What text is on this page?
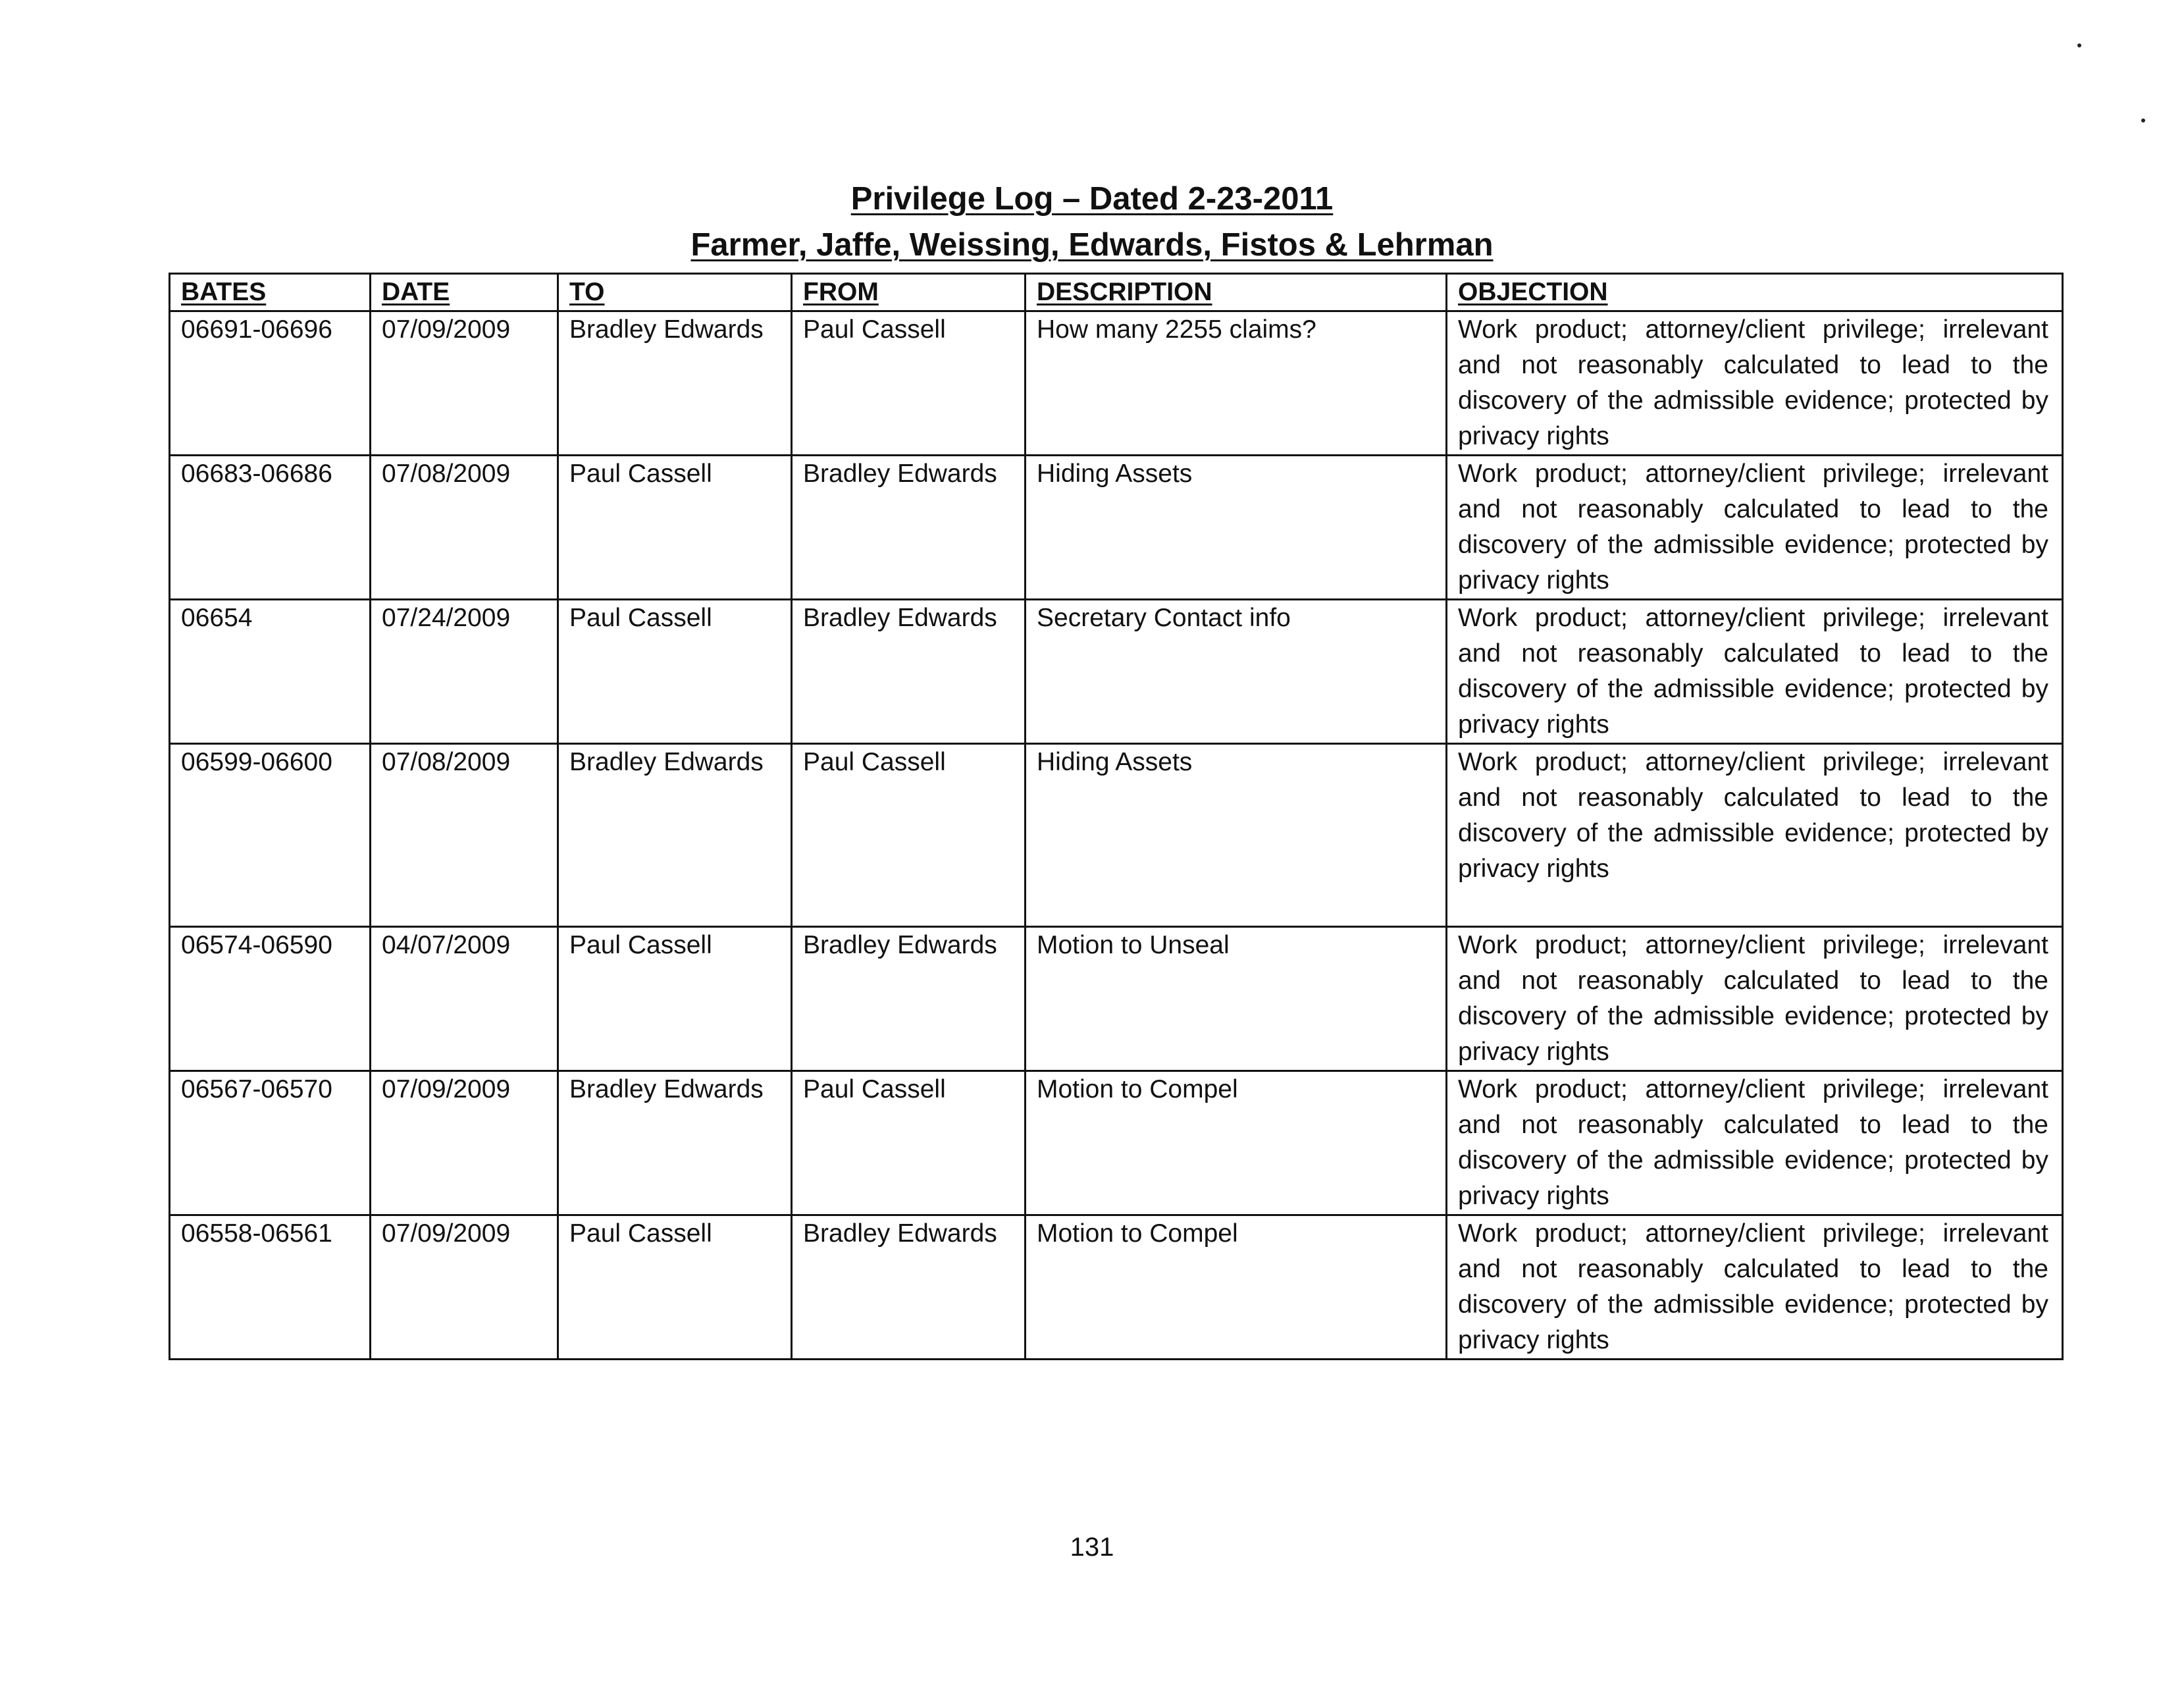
Privilege Log – Dated 2-23-2011
Farmer, Jaffe, Weissing, Edwards, Fistos & Lehrman
BATES	DATE	TO	FROM	DESCRIPTION	OBJECTION
06691-06696	07/09/2009	Bradley Edwards	Paul Cassell	How many 2255 claims?	Work product; attorney/client privilege; irrelevant and not reasonably calculated to lead to the discovery of the admissible evidence; protected by privacy rights
06683-06686	07/08/2009	Paul Cassell	Bradley Edwards	Hiding Assets	Work product; attorney/client privilege; irrelevant and not reasonably calculated to lead to the discovery of the admissible evidence; protected by privacy rights
06654	07/24/2009	Paul Cassell	Bradley Edwards	Secretary Contact info	Work product; attorney/client privilege; irrelevant and not reasonably calculated to lead to the discovery of the admissible evidence; protected by privacy rights
06599-06600	07/08/2009	Bradley Edwards	Paul Cassell	Hiding Assets	Work product; attorney/client privilege; irrelevant and not reasonably calculated to lead to the discovery of the admissible evidence; protected by privacy rights
06574-06590	04/07/2009	Paul Cassell	Bradley Edwards	Motion to Unseal	Work product; attorney/client privilege; irrelevant and not reasonably calculated to lead to the discovery of the admissible evidence; protected by privacy rights
06567-06570	07/09/2009	Bradley Edwards	Paul Cassell	Motion to Compel	Work product; attorney/client privilege; irrelevant and not reasonably calculated to lead to the discovery of the admissible evidence; protected by privacy rights
06558-06561	07/09/2009	Paul Cassell	Bradley Edwards	Motion to Compel	Work product; attorney/client privilege; irrelevant and not reasonably calculated to lead to the discovery of the admissible evidence; protected by privacy rights
131
